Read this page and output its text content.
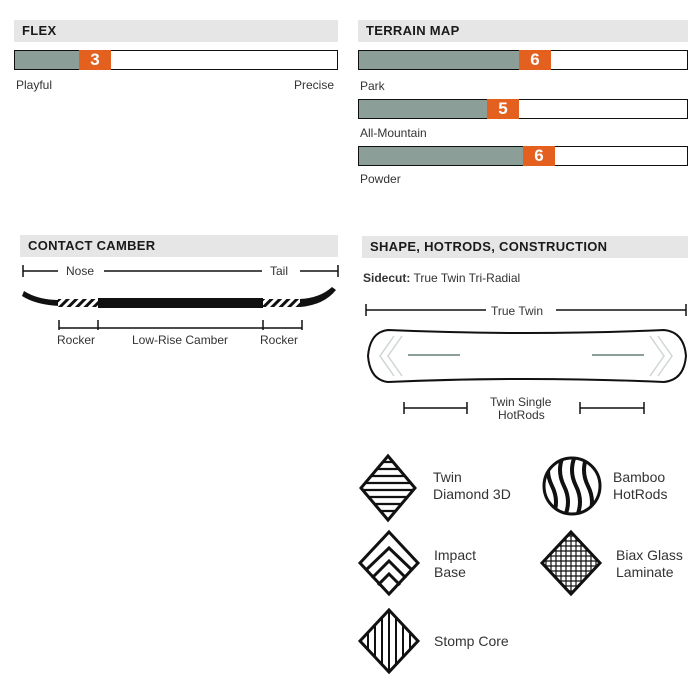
FLEX
3
Playful	Precise
TERRAIN MAP
6
Park
5
All-Mountain
6
Powder
CONTACT CAMBER
Nose	Tail
Rocker	Low-Rise Camber	Rocker
SHAPE, HOTRODS, CONSTRUCTION
Sidecut: True Twin Tri-Radial
True Twin
Twin Single
HotRods
Twin
Diamond 3D
Bamboo
HotRods
Impact
Base
Biax Glass
Laminate
Stomp Core
